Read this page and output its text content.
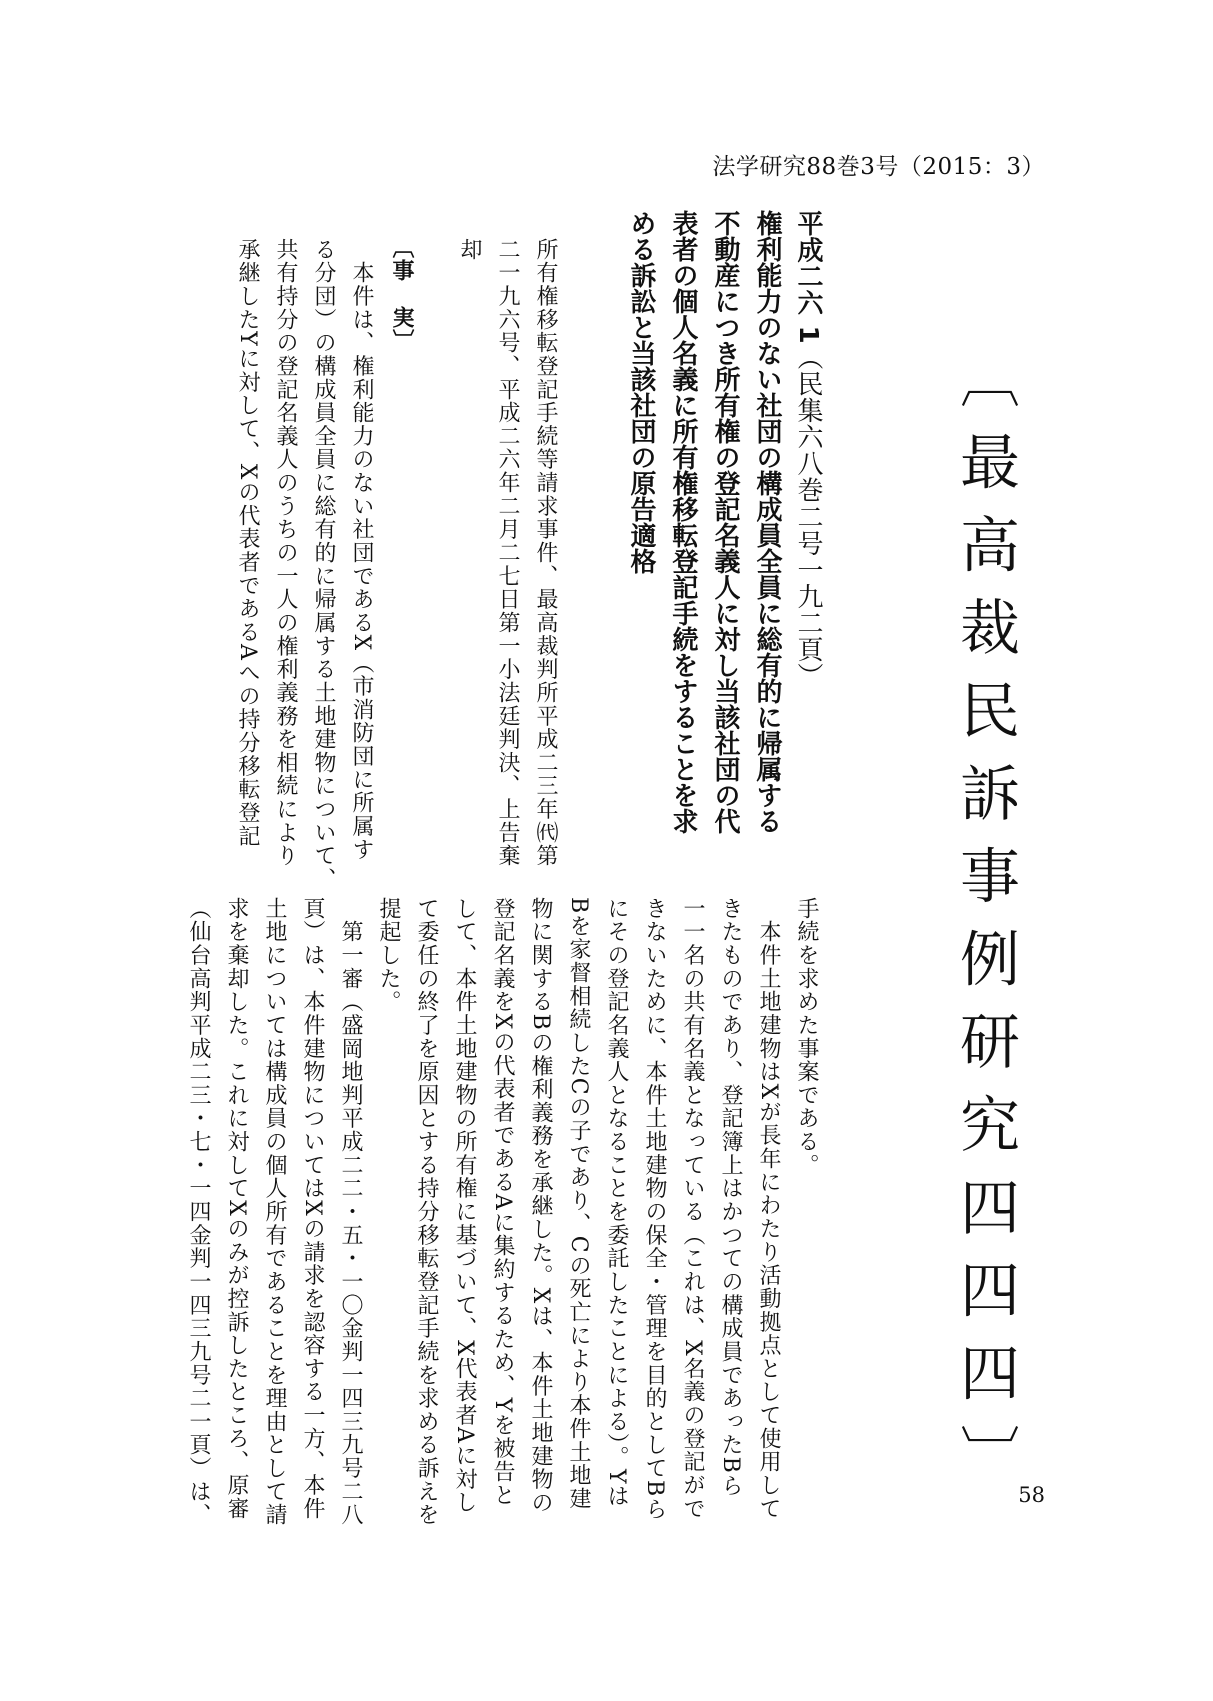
法学研究88巻3号（2015：3）
〔最高裁民訴事例研究四四四〕
平成二六 1（民集六八巻二号一九二頁）
権利能力のない社団の構成員全員に総有的に帰属する
不動産につき所有権の登記名義人に対し当該社団の代
表者の個人名義に所有権移転登記手続をすることを求
める訴訟と当該社団の原告適格
所有権移転登記手続等請求事件、最高裁判所平成二三年㈹第
二一九六号、平成二六年二月二七日第一小法廷判決、上告棄
却
〔事　実〕
　本件は、権利能力のない社団であるX（市消防団に所属す
る分団）の構成員全員に総有的に帰属する土地建物について、
共有持分の登記名義人のうちの一人の権利義務を相続により
承継したYに対して、Xの代表者であるAへの持分移転登記
手続を求めた事案である。
　本件土地建物はXが長年にわたり活動拠点として使用して
きたものであり、登記簿上はかつての構成員であったBら
一一名の共有名義となっている（これは、X名義の登記がで
きないために、本件土地建物の保全・管理を目的としてBら
にその登記名義人となることを委託したことによる）。Yは
Bを家督相続したCの子であり、Cの死亡により本件土地建
物に関するBの権利義務を承継した。Xは、本件土地建物の
登記名義をXの代表者であるAに集約するため、Yを被告と
して、本件土地建物の所有権に基づいて、X代表者Aに対し
て委任の終了を原因とする持分移転登記手続を求める訴えを
提起した。
　第一審（盛岡地判平成二二・五・一〇金判一四三九号二八
頁）は、本件建物についてはXの請求を認容する一方、本件
土地については構成員の個人所有であることを理由として請
求を棄却した。これに対してXのみが控訴したところ、原審
（仙台高判平成二三・七・一四金判一四三九号二一頁）は、	58
